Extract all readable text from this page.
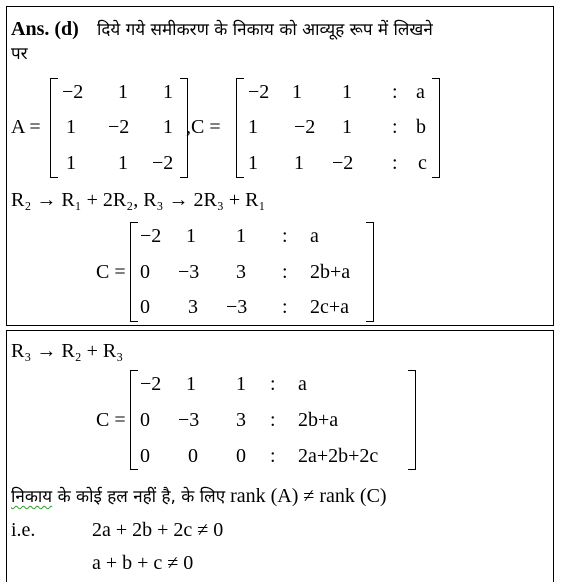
Ans. (d) दिये गये समीकरण के निकाय को आव्यूह रूप में लिखने
पर
A =
−2 1 1
1 −2 1
1 1 −2
,C =
−2 1 1 : a
1 −2 1 : b
1 1 −2 : c
R₂ → R₁ + 2R₂, R₃ → 2R₃ + R₁
C =
−2 1 1 : a
0 −3 3 : 2b+a
0 3 −3 : 2c+a
R₃ → R₂ + R₃
C =
−2 1 1 : a
0 −3 3 : 2b+a
0 0 0 : 2a+2b+2c
निकाय के कोई हल नहीं है, के लिए rank (A) ≠ rank (C)
i.e.	2a + 2b + 2c ≠ 0
a + b + c ≠ 0
